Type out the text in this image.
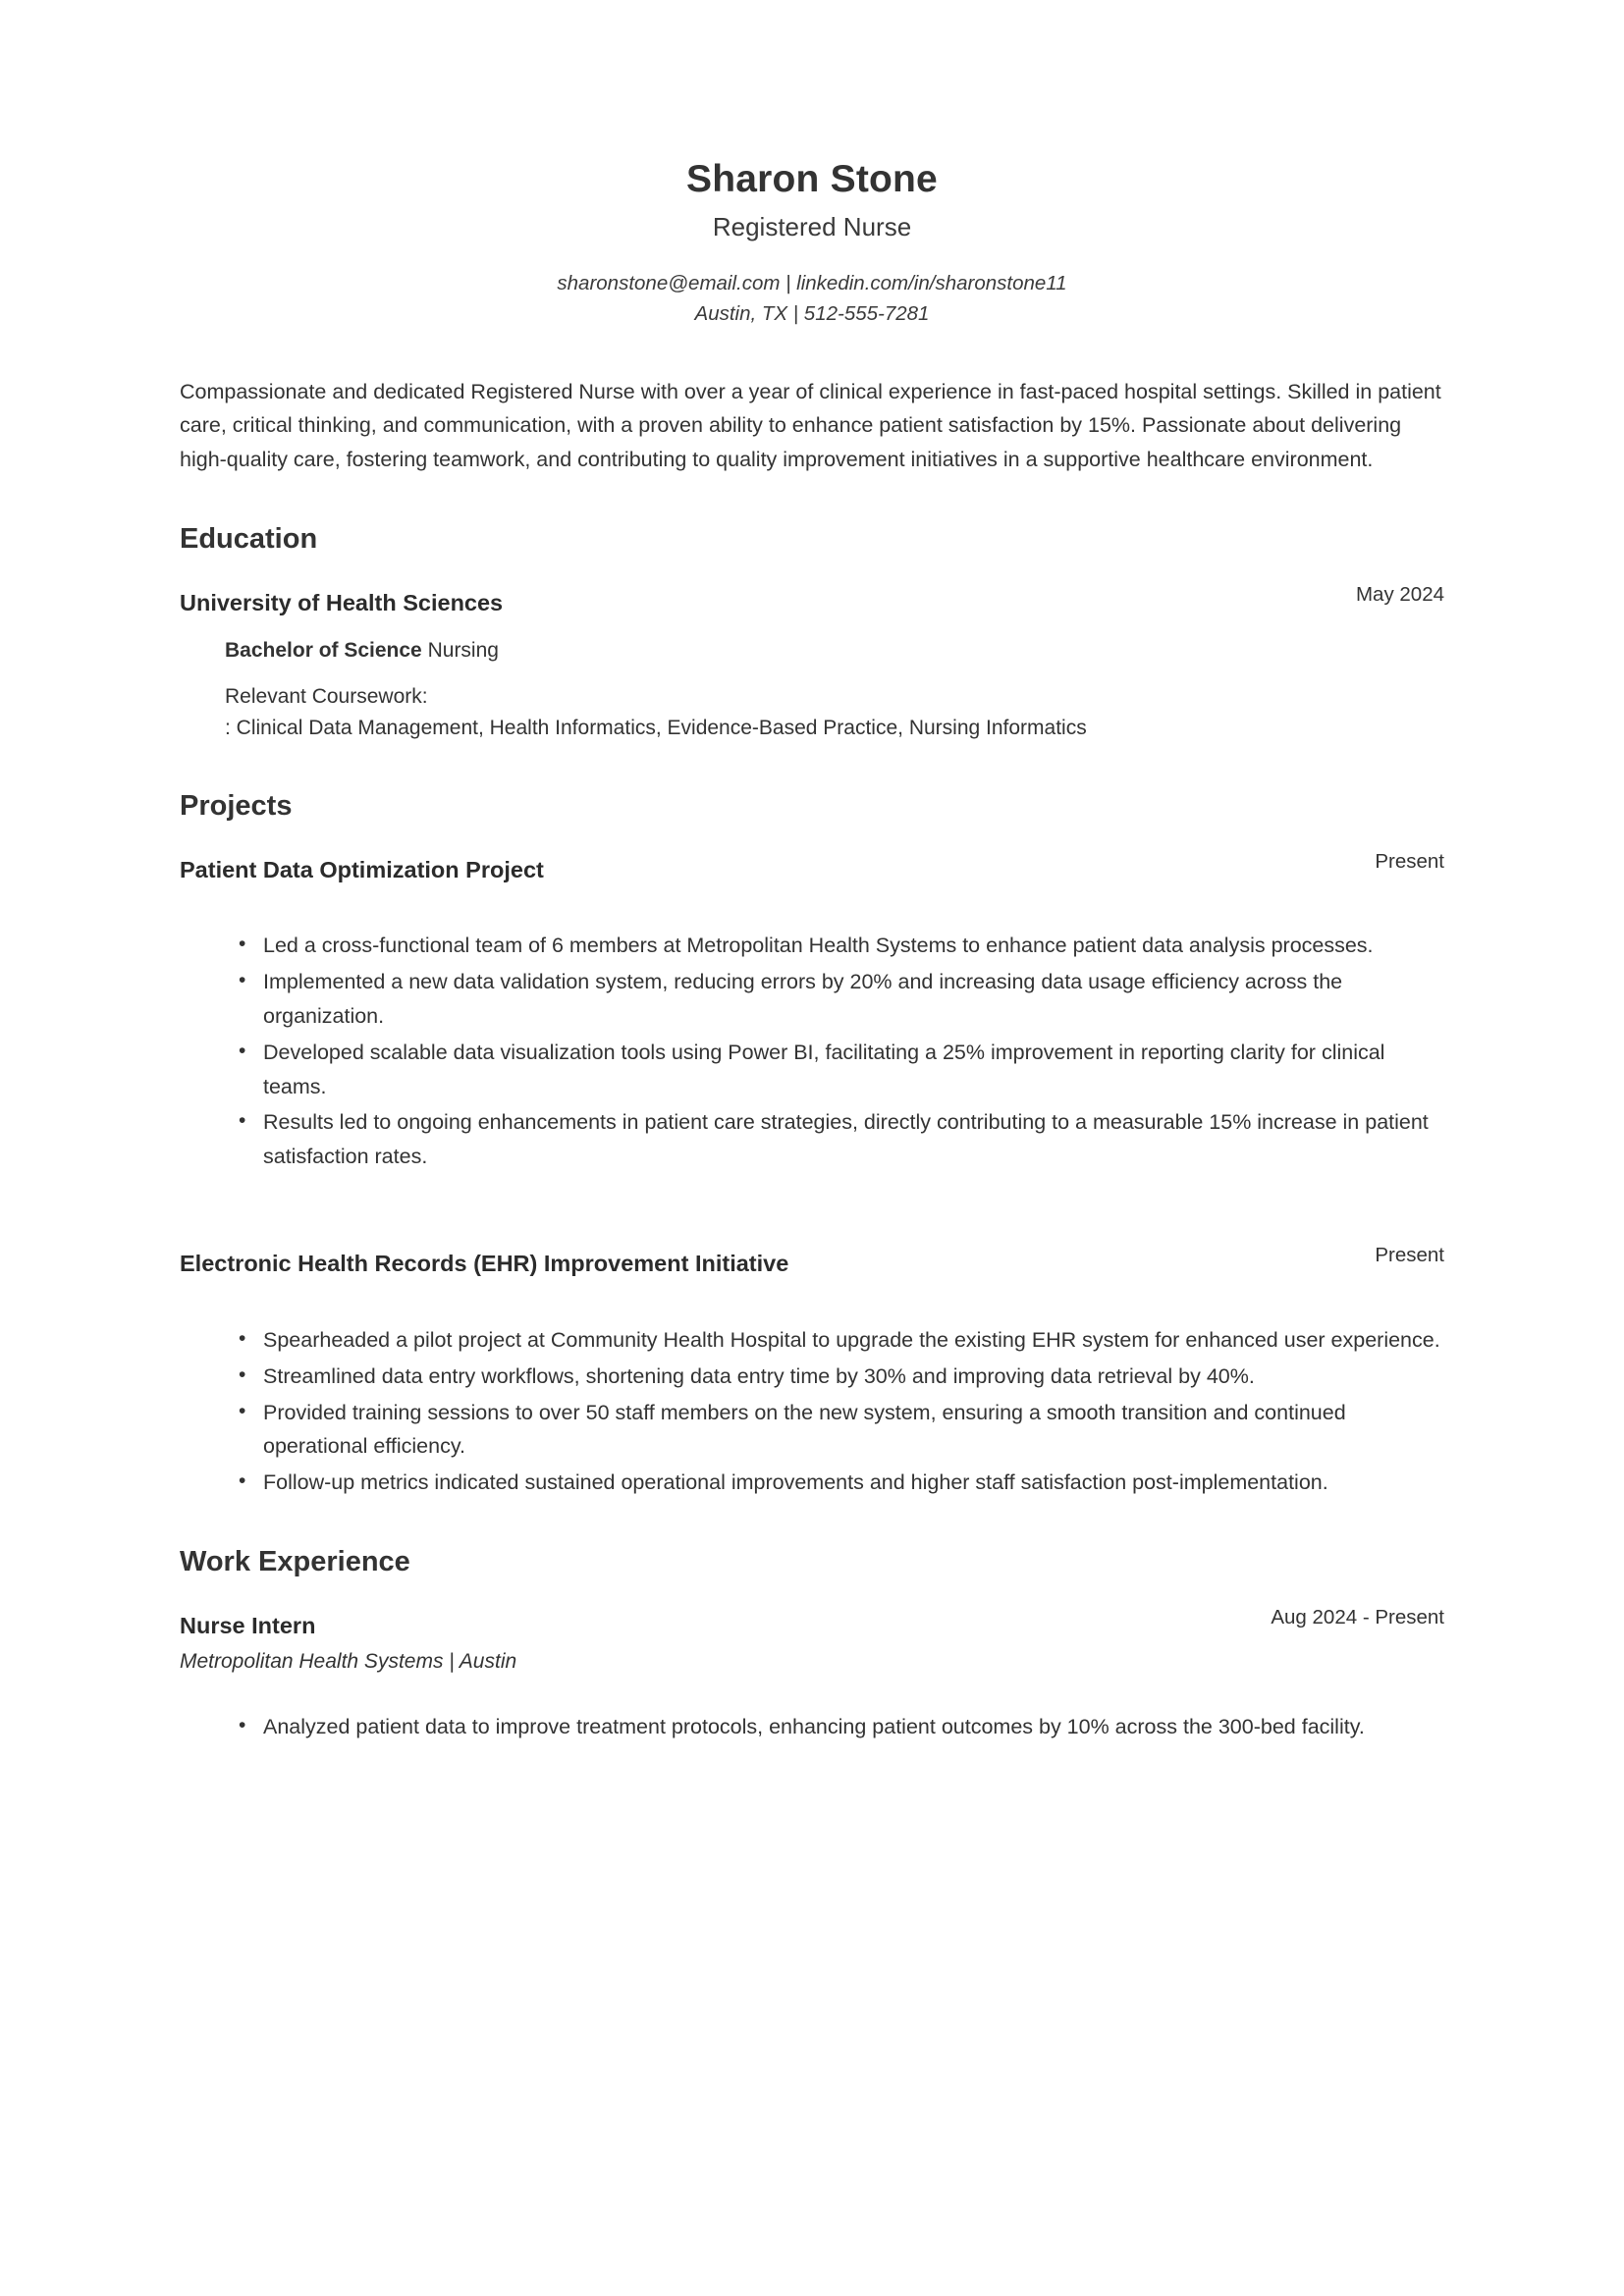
Sharon Stone
Registered Nurse
sharonstone@email.com | linkedin.com/in/sharonstone11
Austin, TX | 512-555-7281
Compassionate and dedicated Registered Nurse with over a year of clinical experience in fast-paced hospital settings. Skilled in patient care, critical thinking, and communication, with a proven ability to enhance patient satisfaction by 15%. Passionate about delivering high-quality care, fostering teamwork, and contributing to quality improvement initiatives in a supportive healthcare environment.
Education
University of Health Sciences	May 2024
Bachelor of Science Nursing
Relevant Coursework:
: Clinical Data Management, Health Informatics, Evidence-Based Practice, Nursing Informatics
Projects
Patient Data Optimization Project	Present
• Led a cross-functional team of 6 members at Metropolitan Health Systems to enhance patient data analysis processes.
• Implemented a new data validation system, reducing errors by 20% and increasing data usage efficiency across the organization.
• Developed scalable data visualization tools using Power BI, facilitating a 25% improvement in reporting clarity for clinical teams.
• Results led to ongoing enhancements in patient care strategies, directly contributing to a measurable 15% increase in patient satisfaction rates.
Electronic Health Records (EHR) Improvement Initiative	Present
• Spearheaded a pilot project at Community Health Hospital to upgrade the existing EHR system for enhanced user experience.
• Streamlined data entry workflows, shortening data entry time by 30% and improving data retrieval by 40%.
• Provided training sessions to over 50 staff members on the new system, ensuring a smooth transition and continued operational efficiency.
• Follow-up metrics indicated sustained operational improvements and higher staff satisfaction post-implementation.
Work Experience
Nurse Intern	Aug 2024 - Present
Metropolitan Health Systems | Austin
• Analyzed patient data to improve treatment protocols, enhancing patient outcomes by 10% across the 300-bed facility.
